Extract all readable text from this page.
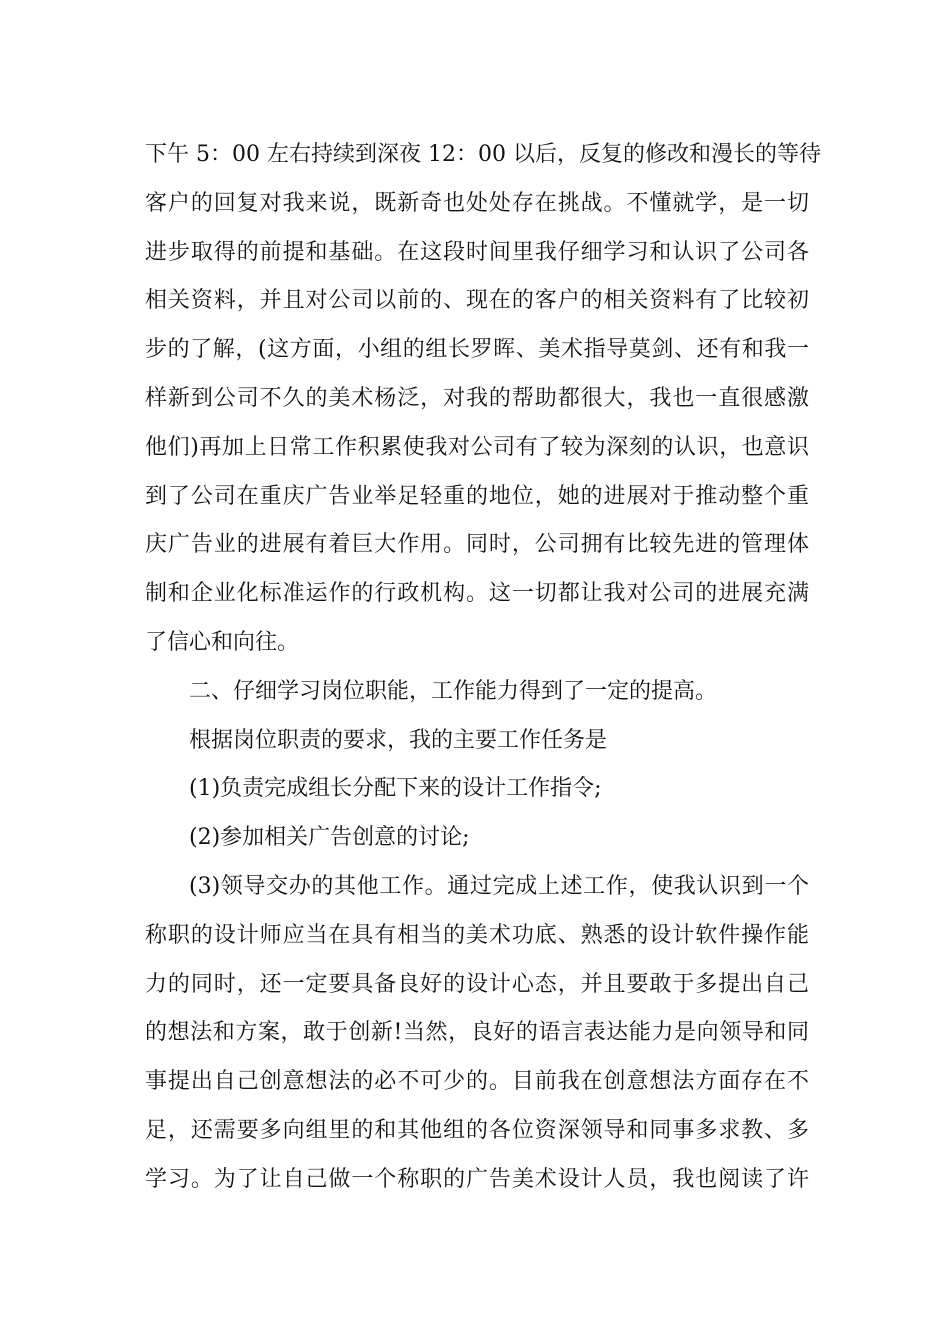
下午 5：00 左右持续到深夜 12：00 以后，反复的修改和漫长的等待
客户的回复对我来说，既新奇也处处存在挑战。不懂就学，是一切
进步取得的前提和基础。在这段时间里我仔细学习和认识了公司各
相关资料，并且对公司以前的、现在的客户的相关资料有了比较初
步的了解，(这方面，小组的组长罗晖、美术指导莫剑、还有和我一
样新到公司不久的美术杨泛，对我的帮助都很大，我也一直很感激
他们)再加上日常工作积累使我对公司有了较为深刻的认识，也意识
到了公司在重庆广告业举足轻重的地位，她的进展对于推动整个重
庆广告业的进展有着巨大作用。同时，公司拥有比较先进的管理体
制和企业化标准运作的行政机构。这一切都让我对公司的进展充满
了信心和向往。
二、仔细学习岗位职能，工作能力得到了一定的提高。
根据岗位职责的要求，我的主要工作任务是
(1)负责完成组长分配下来的设计工作指令;
(2)参加相关广告创意的讨论;
(3)领导交办的其他工作。通过完成上述工作，使我认识到一个
称职的设计师应当在具有相当的美术功底、熟悉的设计软件操作能
力的同时，还一定要具备良好的设计心态，并且要敢于多提出自己
的想法和方案，敢于创新!当然，良好的语言表达能力是向领导和同
事提出自己创意想法的必不可少的。目前我在创意想法方面存在不
足，还需要多向组里的和其他组的各位资深领导和同事多求教、多
学习。为了让自己做一个称职的广告美术设计人员，我也阅读了许
